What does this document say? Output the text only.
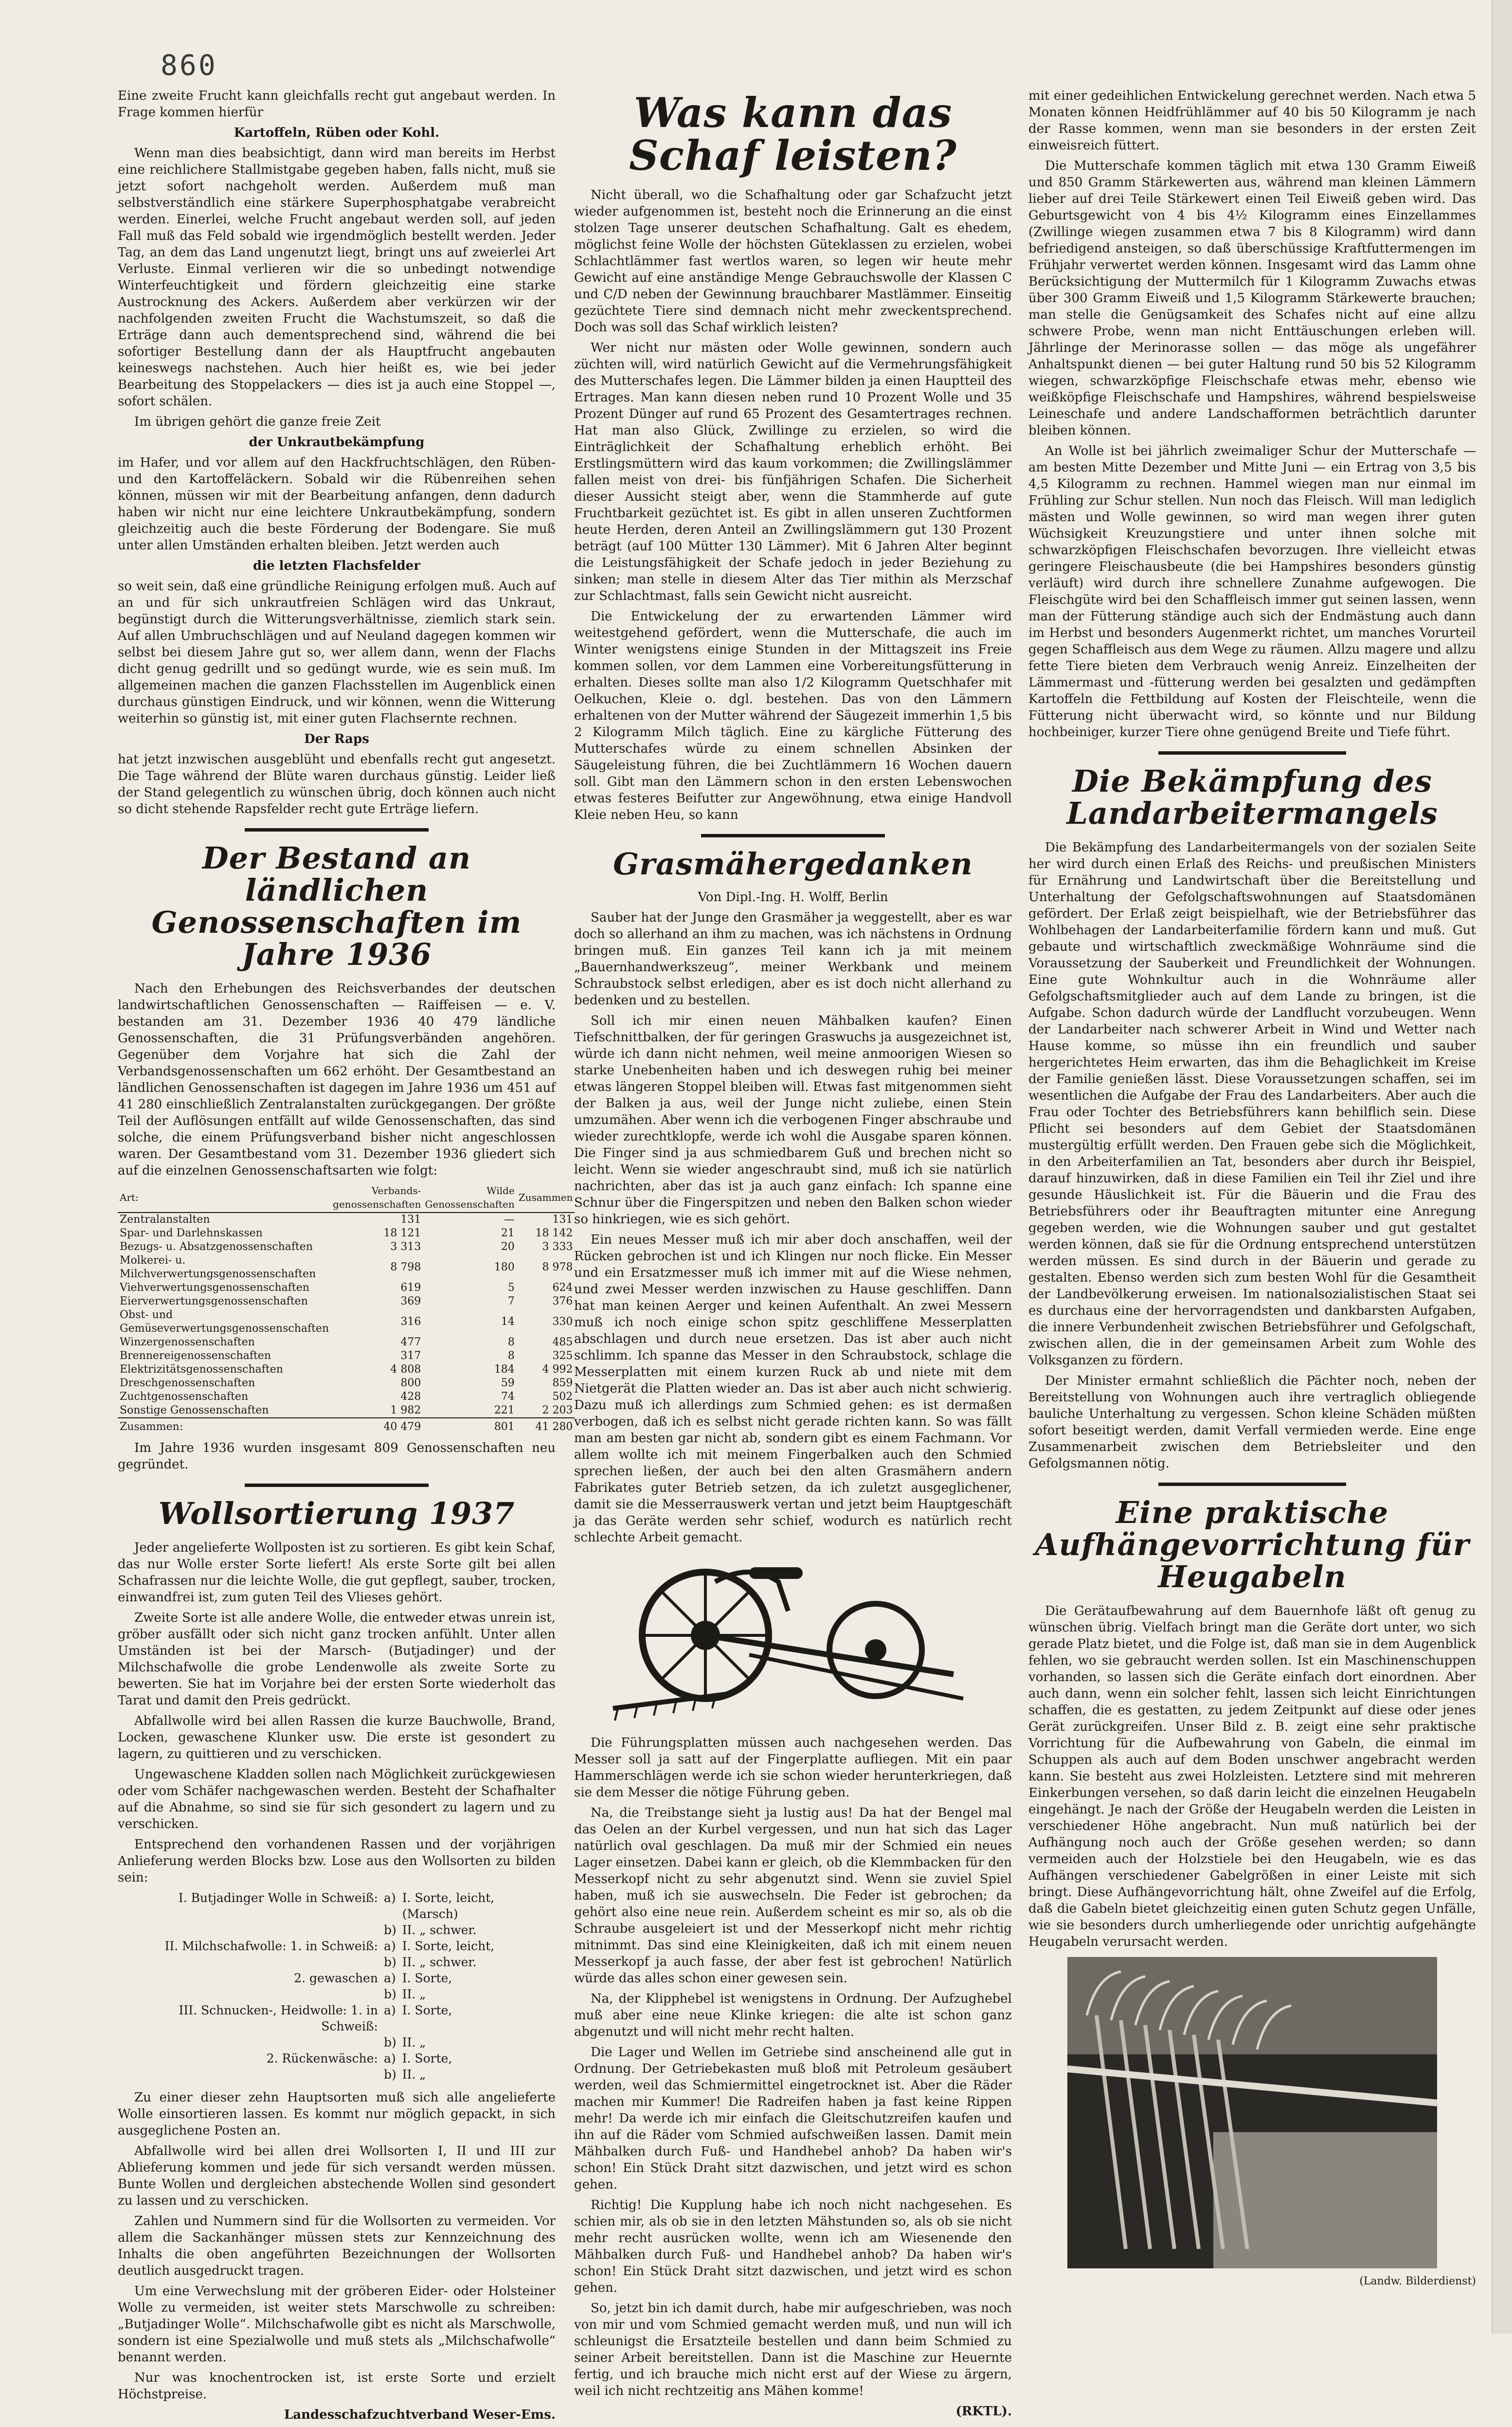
860

Eine zweite Frucht kann gleichfalls recht gut angebaut werden. In Frage kommen hierfür

Kartoffeln, Rüben oder Kohl.

Wenn man dies beabsichtigt, dann wird man bereits im Herbst eine reichlichere Stallmistgabe gegeben haben, falls nicht, muß sie jetzt sofort nachgeholt werden. Außerdem muß man selbstverständlich eine stärkere Superphosphatgabe verabreicht werden. Einerlei, welche Frucht angebaut werden soll, auf jeden Fall muß das Feld sobald wie irgendmöglich bestellt werden. Jeder Tag, an dem das Land ungenutzt liegt, bringt uns auf zweierlei Art Verluste. Einmal verlieren wir die so unbedingt notwendige Winterfeuchtigkeit und fördern gleichzeitig eine starke Austrocknung des Ackers. Außerdem aber verkürzen wir der nachfolgenden zweiten Frucht die Wachstumszeit, so daß die Erträge dann auch dementsprechend sind, während die bei sofortiger Bestellung dann der als Hauptfrucht angebauten keineswegs nachstehen. Auch hier heißt es, wie bei jeder Bearbeitung des Stoppelackers — dies ist ja auch eine Stoppel —, sofort schälen.

Im übrigen gehört die ganze freie Zeit

der Unkrautbekämpfung

im Hafer, und vor allem auf den Hackfruchtschlägen, den Rüben- und den Kartoffeläckern. Sobald wir die Rübenreihen sehen können, müssen wir mit der Bearbeitung anfangen, denn dadurch haben wir nicht nur eine leichtere Unkrautbekämpfung, sondern gleichzeitig auch die beste Förderung der Bodengare. Sie muß unter allen Umständen erhalten bleiben. Jetzt werden auch

die letzten Flachsfelder

so weit sein, daß eine gründliche Reinigung erfolgen muß. Auch auf an und für sich unkrautfreien Schlägen wird das Unkraut, begünstigt durch die Witterungsverhältnisse, ziemlich stark sein. Auf allen Umbruchschlägen und auf Neuland dagegen kommen wir selbst bei diesem Jahre gut so, wer allem dann, wenn der Flachs dicht genug gedrillt und so gedüngt wurde, wie es sein muß. Im allgemeinen machen die ganzen Flachsstellen im Augenblick einen durchaus günstigen Eindruck, und wir können, wenn die Witterung weiterhin so günstig ist, mit einer guten Flachsernte rechnen.

Der Raps

hat jetzt inzwischen ausgeblüht und ebenfalls recht gut angesetzt. Die Tage während der Blüte waren durchaus günstig. Leider ließ der Stand gelegentlich zu wünschen übrig, doch können auch nicht so dicht stehende Rapsfelder recht gute Erträge liefern.

Der Bestand an ländlichen Genossenschaften im Jahre 1936

Nach den Erhebungen des Reichsverbandes der deutschen landwirtschaftlichen Genossenschaften — Raiffeisen — e. V. bestanden am 31. Dezember 1936 40 479 ländliche Genossenschaften, die 31 Prüfungsverbänden angehören. Gegenüber dem Vorjahre hat sich die Zahl der Verbandsgenossenschaften um 662 erhöht. Der Gesamtbestand an ländlichen Genossenschaften ist dagegen im Jahre 1936 um 451 auf 41 280 einschließlich Zentralanstalten zurückgegangen. Der größte Teil der Auflösungen entfällt auf wilde Genossenschaften, das sind solche, die einem Prüfungsverband bisher nicht angeschlossen waren. Der Gesamtbestand vom 31. Dezember 1936 gliedert sich auf die einzelnen Genossenschaftsarten wie folgt:

Art:	Verbands-genossenschaften	Wilde Genossenschaften	Zusammen
Zentralanstalten	131	—	131
Spar- und Darlehnskassen	18 121	21	18 142
Bezugs- u. Absatzgenossenschaften	3 313	20	3 333
Molkerei- u. Milchverwertungsgenossenschaften	8 798	180	8 978
Viehverwertungsgenossenschaften	619	5	624
Eierverwertungsgenossenschaften	369	7	376
Obst- und Gemüseverwertungsgenossenschaften	316	14	330
Winzergenossenschaften	477	8	485
Brennereigenossenschaften	317	8	325
Elektrizitätsgenossenschaften	4 808	184	4 992
Dreschgenossenschaften	800	59	859
Zuchtgenossenschaften	428	74	502
Sonstige Genossenschaften	1 982	221	2 203
Zusammen:	40 479	801	41 280

Im Jahre 1936 wurden insgesamt 809 Genossenschaften neu gegründet.

Wollsortierung 1937

Jeder angelieferte Wollposten ist zu sortieren. Es gibt kein Schaf, das nur Wolle erster Sorte liefert! Als erste Sorte gilt bei allen Schafrassen nur die leichte Wolle, die gut gepflegt, sauber, trocken, einwandfrei ist, zum guten Teil des Vlieses gehört.

Zweite Sorte ist alle andere Wolle, die entweder etwas unrein ist, gröber ausfällt oder sich nicht ganz trocken anfühlt. Unter allen Umständen ist bei der Marsch- (Butjadinger) und der Milchschafwolle die grobe Lendenwolle als zweite Sorte zu bewerten. Sie hat im Vorjahre bei der ersten Sorte wiederholt das Tarat und damit den Preis gedrückt.

Abfallwolle wird bei allen Rassen die kurze Bauchwolle, Brand, Locken, gewaschene Klunker usw. Die erste ist gesondert zu lagern, zu quittieren und zu verschicken.

Ungewaschene Kladden sollen nach Möglichkeit zurückgewiesen oder vom Schäfer nachgewaschen werden. Besteht der Schafhalter auf die Abnahme, so sind sie für sich gesondert zu lagern und zu verschicken.

Entsprechend den vorhandenen Rassen und der vorjährigen Anlieferung werden Blocks bzw. Lose aus den Wollsorten zu bilden sein:

I. Butjadinger Wolle in Schweiß:	a)	I. Sorte, leicht, (Marsch)
	b)	II. „ schwer.
II. Milchschafwolle: 1. in Schweiß:	a)	I. Sorte, leicht,
	b)	II. „ schwer.
2. gewaschen	a)	I. Sorte,
	b)	II. „
III. Schnucken-, Heidwolle: 1. in Schweiß:	a)	I. Sorte,
	b)	II. „
2. Rückenwäsche:	a)	I. Sorte,
	b)	II. „

Zu einer dieser zehn Hauptsorten muß sich alle angelieferte Wolle einsortieren lassen. Es kommt nur möglich gepackt, in sich ausgeglichene Posten an.

Abfallwolle wird bei allen drei Wollsorten I, II und III zur Ablieferung kommen und jede für sich versandt werden müssen. Bunte Wollen und dergleichen abstechende Wollen sind gesondert zu lassen und zu verschicken.

Zahlen und Nummern sind für die Wollsorten zu vermeiden. Vor allem die Sackanhänger müssen stets zur Kennzeichnung des Inhalts die oben angeführten Bezeichnungen der Wollsorten deutlich ausgedruckt tragen.

Um eine Verwechslung mit der gröberen Eider- oder Holsteiner Wolle zu vermeiden, ist weiter stets Marschwolle zu schreiben: „Butjadinger Wolle“. Milchschafwolle gibt es nicht als Marschwolle, sondern ist eine Spezialwolle und muß stets als „Milchschafwolle“ benannt werden.

Nur was knochentrocken ist, ist erste Sorte und erzielt Höchstpreise.

Landesschafzuchtverband Weser-Ems.
Was kann das Schaf leisten?

Nicht überall, wo die Schafhaltung oder gar Schafzucht jetzt wieder aufgenommen ist, besteht noch die Erinnerung an die einst stolzen Tage unserer deutschen Schafhaltung. Galt es ehedem, möglichst feine Wolle der höchsten Güteklassen zu erzielen, wobei Schlachtlämmer fast wertlos waren, so legen wir heute mehr Gewicht auf eine anständige Menge Gebrauchswolle der Klassen C und C/D neben der Gewinnung brauchbarer Mastlämmer. Einseitig gezüchtete Tiere sind demnach nicht mehr zweckentsprechend. Doch was soll das Schaf wirklich leisten?

Wer nicht nur mästen oder Wolle gewinnen, sondern auch züchten will, wird natürlich Gewicht auf die Vermehrungsfähigkeit des Mutterschafes legen. Die Lämmer bilden ja einen Hauptteil des Ertrages. Man kann diesen neben rund 10 Prozent Wolle und 35 Prozent Dünger auf rund 65 Prozent des Gesamtertrages rechnen. Hat man also Glück, Zwillinge zu erzielen, so wird die Einträglichkeit der Schafhaltung erheblich erhöht. Bei Erstlingsmüttern wird das kaum vorkommen; die Zwillingslämmer fallen meist von drei- bis fünfjährigen Schafen. Die Sicherheit dieser Aussicht steigt aber, wenn die Stammherde auf gute Fruchtbarkeit gezüchtet ist. Es gibt in allen unseren Zuchtformen heute Herden, deren Anteil an Zwillingslämmern gut 130 Prozent beträgt (auf 100 Mütter 130 Lämmer). Mit 6 Jahren Alter beginnt die Leistungsfähigkeit der Schafe jedoch in jeder Beziehung zu sinken; man stelle in diesem Alter das Tier mithin als Merzschaf zur Schlachtmast, falls sein Gewicht nicht ausreicht.

Die Entwickelung der zu erwartenden Lämmer wird weitestgehend gefördert, wenn die Mutterschafe, die auch im Winter wenigstens einige Stunden in der Mittagszeit ins Freie kommen sollen, vor dem Lammen eine Vorbereitungsfütterung in erhalten. Dieses sollte man also 1/2 Kilogramm Quetschhafer mit Oelkuchen, Kleie o. dgl. bestehen. Das von den Lämmern erhaltenen von der Mutter während der Säugezeit immerhin 1,5 bis 2 Kilogramm Milch täglich. Eine zu kärgliche Fütterung des Mutterschafes würde zu einem schnellen Absinken der Säugeleistung führen, die bei Zuchtlämmern 16 Wochen dauern soll. Gibt man den Lämmern schon in den ersten Lebenswochen etwas festeres Beifutter zur Angewöhnung, etwa einige Handvoll Kleie neben Heu, so kann

Grasmähergedanken
Von Dipl.-Ing. H. Wolff, Berlin

Sauber hat der Junge den Grasmäher ja weggestellt, aber es war doch so allerhand an ihm zu machen, was ich nächstens in Ordnung bringen muß. Ein ganzes Teil kann ich ja mit meinem „Bauernhandwerkszeug“, meiner Werkbank und meinem Schraubstock selbst erledigen, aber es ist doch nicht allerhand zu bedenken und zu bestellen.

Soll ich mir einen neuen Mähbalken kaufen? Einen Tiefschnittbalken, der für geringen Graswuchs ja ausgezeichnet ist, würde ich dann nicht nehmen, weil meine anmoorigen Wiesen so starke Unebenheiten haben und ich deswegen ruhig bei meiner etwas längeren Stoppel bleiben will. Etwas fast mitgenommen sieht der Balken ja aus, weil der Junge nicht zuliebe, einen Stein umzumähen. Aber wenn ich die verbogenen Finger abschraube und wieder zurechtklopfe, werde ich wohl die Ausgabe sparen können. Die Finger sind ja aus schmiedbarem Guß und brechen nicht so leicht. Wenn sie wieder angeschraubt sind, muß ich sie natürlich nachrichten, aber das ist ja auch ganz einfach: Ich spanne eine Schnur über die Fingerspitzen und neben den Balken schon wieder so hinkriegen, wie es sich gehört.

Ein neues Messer muß ich mir aber doch anschaffen, weil der Rücken gebrochen ist und ich Klingen nur noch flicke. Ein Messer und ein Ersatzmesser muß ich immer mit auf die Wiese nehmen, und zwei Messer werden inzwischen zu Hause geschliffen. Dann hat man keinen Aerger und keinen Aufenthalt. An zwei Messern muß ich noch einige schon spitz geschliffene Messerplatten abschlagen und durch neue ersetzen. Das ist aber auch nicht schlimm. Ich spanne das Messer in den Schraubstock, schlage die Messerplatten mit einem kurzen Ruck ab und niete mit dem Nietgerät die Platten wieder an. Das ist aber auch nicht schwierig. Dazu muß ich allerdings zum Schmied gehen: es ist dermaßen verbogen, daß ich es selbst nicht gerade richten kann. So was fällt man am besten gar nicht ab, sondern gibt es einem Fachmann. Vor allem wollte ich mit meinem Fingerbalken auch den Schmied sprechen ließen, der auch bei den alten Grasmähern andern Fabrikates guter Betrieb setzen, da ich zuletzt ausgeglichener, damit sie die Messerrauswerk vertan und jetzt beim Hauptgeschäft ja das Geräte werden sehr schief, wodurch es natürlich recht schlechte Arbeit gemacht.

Die Führungsplatten müssen auch nachgesehen werden. Das Messer soll ja satt auf der Fingerplatte aufliegen. Mit ein paar Hammerschlägen werde ich sie schon wieder herunterkriegen, daß sie dem Messer die nötige Führung geben.

Na, die Treibstange sieht ja lustig aus! Da hat der Bengel mal das Oelen an der Kurbel vergessen, und nun hat sich das Lager natürlich oval geschlagen. Da muß mir der Schmied ein neues Lager einsetzen. Dabei kann er gleich, ob die Klemmbacken für den Messerkopf nicht zu sehr abgenutzt sind. Wenn sie zuviel Spiel haben, muß ich sie auswechseln. Die Feder ist gebrochen; da gehört also eine neue rein. Außerdem scheint es mir so, als ob die Schraube ausgeleiert ist und der Messerkopf nicht mehr richtig mitnimmt. Das sind eine Kleinigkeiten, daß ich mit einem neuen Messerkopf ja auch fasse, der aber fest ist gebrochen! Natürlich würde das alles schon einer gewesen sein.

Na, der Klipphebel ist wenigstens in Ordnung. Der Aufzughebel muß aber eine neue Klinke kriegen: die alte ist schon ganz abgenutzt und will nicht mehr recht halten.

Die Lager und Wellen im Getriebe sind anscheinend alle gut in Ordnung. Der Getriebekasten muß bloß mit Petroleum gesäubert werden, weil das Schmiermittel eingetrocknet ist. Aber die Räder machen mir Kummer! Die Radreifen haben ja fast keine Rippen mehr! Da werde ich mir einfach die Gleitschutzreifen kaufen und ihn auf die Räder vom Schmied aufschweißen lassen. Damit mein Mähbalken durch Fuß- und Handhebel anhob? Da haben wir's schon! Ein Stück Draht sitzt dazwischen, und jetzt wird es schon gehen.

Richtig! Die Kupplung habe ich noch nicht nachgesehen. Es schien mir, als ob sie in den letzten Mähstunden so, als ob sie nicht mehr recht ausrücken wollte, wenn ich am Wiesenende den Mähbalken durch Fuß- und Handhebel anhob? Da haben wir's schon! Ein Stück Draht sitzt dazwischen, und jetzt wird es schon gehen.

So, jetzt bin ich damit durch, habe mir aufgeschrieben, was noch von mir und vom Schmied gemacht werden muß, und nun will ich schleunigst die Ersatzteile bestellen und dann beim Schmied zu seiner Arbeit bereitstellen. Dann ist die Maschine zur Heuernte fertig, und ich brauche mich nicht erst auf der Wiese zu ärgern, weil ich nicht rechtzeitig ans Mähen komme!

(RKTL).

mit einer gedeihlichen Entwickelung gerechnet werden. Nach etwa 5 Monaten können Heidfrühlämmer auf 40 bis 50 Kilogramm je nach der Rasse kommen, wenn man sie besonders in der ersten Zeit einweisreich füttert.

Die Mutterschafe kommen täglich mit etwa 130 Gramm Eiweiß und 850 Gramm Stärkewerten aus, während man kleinen Lämmern lieber auf drei Teile Stärkewert einen Teil Eiweiß geben wird. Das Geburtsgewicht von 4 bis 4½ Kilogramm eines Einzellammes (Zwillinge wiegen zusammen etwa 7 bis 8 Kilogramm) wird dann befriedigend ansteigen, so daß überschüssige Kraftfuttermengen im Frühjahr verwertet werden können. Insgesamt wird das Lamm ohne Berücksichtigung der Muttermilch für 1 Kilogramm Zuwachs etwas über 300 Gramm Eiweiß und 1,5 Kilogramm Stärkewerte brauchen; man stelle die Genügsamkeit des Schafes nicht auf eine allzu schwere Probe, wenn man nicht Enttäuschungen erleben will. Jährlinge der Merinorasse sollen — das möge als ungefährer Anhaltspunkt dienen — bei guter Haltung rund 50 bis 52 Kilogramm wiegen, schwarzköpfige Fleischschafe etwas mehr, ebenso wie weißköpfige Fleischschafe und Hampshires, während bespielsweise Leineschafe und andere Landschafformen beträchtlich darunter bleiben können.

An Wolle ist bei jährlich zweimaliger Schur der Mutterschafe — am besten Mitte Dezember und Mitte Juni — ein Ertrag von 3,5 bis 4,5 Kilogramm zu rechnen. Hammel wiegen man nur einmal im Frühling zur Schur stellen. Nun noch das Fleisch. Will man lediglich mästen und Wolle gewinnen, so wird man wegen ihrer guten Wüchsigkeit Kreuzungstiere und unter ihnen solche mit schwarzköpfigen Fleischschafen bevorzugen. Ihre vielleicht etwas geringere Fleischausbeute (die bei Hampshires besonders günstig verläuft) wird durch ihre schnellere Zunahme aufgewogen. Die Fleischgüte wird bei den Schaffleisch immer gut seinen lassen, wenn man der Fütterung ständige auch sich der Endmästung auch dann im Herbst und besonders Augenmerkt richtet, um manches Vorurteil gegen Schaffleisch aus dem Wege zu räumen. Allzu magere und allzu fette Tiere bieten dem Verbrauch wenig Anreiz. Einzelheiten der Lämmermast und -fütterung werden bei gesalzten und gedämpften Kartoffeln die Fettbildung auf Kosten der Fleischteile, wenn die Fütterung nicht überwacht wird, so könnte und nur Bildung hochbeiniger, kurzer Tiere ohne genügend Breite und Tiefe führt.

Die Bekämpfung des Landarbeitermangels

Die Bekämpfung des Landarbeitermangels von der sozialen Seite her wird durch einen Erlaß des Reichs- und preußischen Ministers für Ernährung und Landwirtschaft über die Bereitstellung und Unterhaltung der Gefolgschaftswohnungen auf Staatsdomänen gefördert. Der Erlaß zeigt beispielhaft, wie der Betriebsführer das Wohlbehagen der Landarbeiterfamilie fördern kann und muß. Gut gebaute und wirtschaftlich zweckmäßige Wohnräume sind die Voraussetzung der Sauberkeit und Freundlichkeit der Wohnungen. Eine gute Wohnkultur auch in die Wohnräume aller Gefolgschaftsmitglieder auch auf dem Lande zu bringen, ist die Aufgabe. Schon dadurch würde der Landflucht vorzubeugen. Wenn der Landarbeiter nach schwerer Arbeit in Wind und Wetter nach Hause komme, so müsse ihn ein freundlich und sauber hergerichtetes Heim erwarten, das ihm die Behaglichkeit im Kreise der Familie genießen lässt. Diese Voraussetzungen schaffen, sei im wesentlichen die Aufgabe der Frau des Landarbeiters. Aber auch die Frau oder Tochter des Betriebsführers kann behilflich sein. Diese Pflicht sei besonders auf dem Gebiet der Staatsdomänen mustergültig erfüllt werden. Den Frauen gebe sich die Möglichkeit, in den Arbeiterfamilien an Tat, besonders aber durch ihr Beispiel, darauf hinzuwirken, daß in diese Familien ein Teil ihr Ziel und ihre gesunde Häuslichkeit ist. Für die Bäuerin und die Frau des Betriebsführers oder ihr Beauftragten mitunter eine Anregung gegeben werden, wie die Wohnungen sauber und gut gestaltet werden können, daß sie für die Ordnung entsprechend unterstützen werden müssen. Es sind durch in der Bäuerin und gerade zu gestalten. Ebenso werden sich zum besten Wohl für die Gesamtheit der Landbevölkerung erweisen. Im nationalsozialistischen Staat sei es durchaus eine der hervorragendsten und dankbarsten Aufgaben, die innere Verbundenheit zwischen Betriebsführer und Gefolgschaft, zwischen allen, die in der gemeinsamen Arbeit zum Wohle des Volksganzen zu fördern.

Der Minister ermahnt schließlich die Pächter noch, neben der Bereitstellung von Wohnungen auch ihre vertraglich obliegende bauliche Unterhaltung zu vergessen. Schon kleine Schäden müßten sofort beseitigt werden, damit Verfall vermieden werde. Eine enge Zusammenarbeit zwischen dem Betriebsleiter und den Gefolgsmannen nötig.

Eine praktische Aufhängevorrichtung für Heugabeln

Die Gerätaufbewahrung auf dem Bauernhofe läßt oft genug zu wünschen übrig. Vielfach bringt man die Geräte dort unter, wo sich gerade Platz bietet, und die Folge ist, daß man sie in dem Augenblick fehlen, wo sie gebraucht werden sollen. Ist ein Maschinenschuppen vorhanden, so lassen sich die Geräte einfach dort einordnen. Aber auch dann, wenn ein solcher fehlt, lassen sich leicht Einrichtungen schaffen, die es gestatten, zu jedem Zeitpunkt auf diese oder jenes Gerät zurückgreifen. Unser Bild z. B. zeigt eine sehr praktische Vorrichtung für die Aufbewahrung von Gabeln, die einmal im Schuppen als auch auf dem Boden unschwer angebracht werden kann. Sie besteht aus zwei Holzleisten. Letztere sind mit mehreren Einkerbungen versehen, so daß darin leicht die einzelnen Heugabeln eingehängt. Je nach der Größe der Heugabeln werden die Leisten in verschiedener Höhe angebracht. Nun muß natürlich bei der Aufhängung noch auch der Größe gesehen werden; so dann vermeiden auch der Holzstiele bei den Heugabeln, wie es das Aufhängen verschiedener Gabelgrößen in einer Leiste mit sich bringt. Diese Aufhängevorrichtung hält, ohne Zweifel auf die Erfolg, daß die Gabeln bietet gleichzeitig einen guten Schutz gegen Unfälle, wie sie besonders durch umherliegende oder unrichtig aufgehängte Heugabeln verursacht werden.

(Landw. Bilderdienst)
